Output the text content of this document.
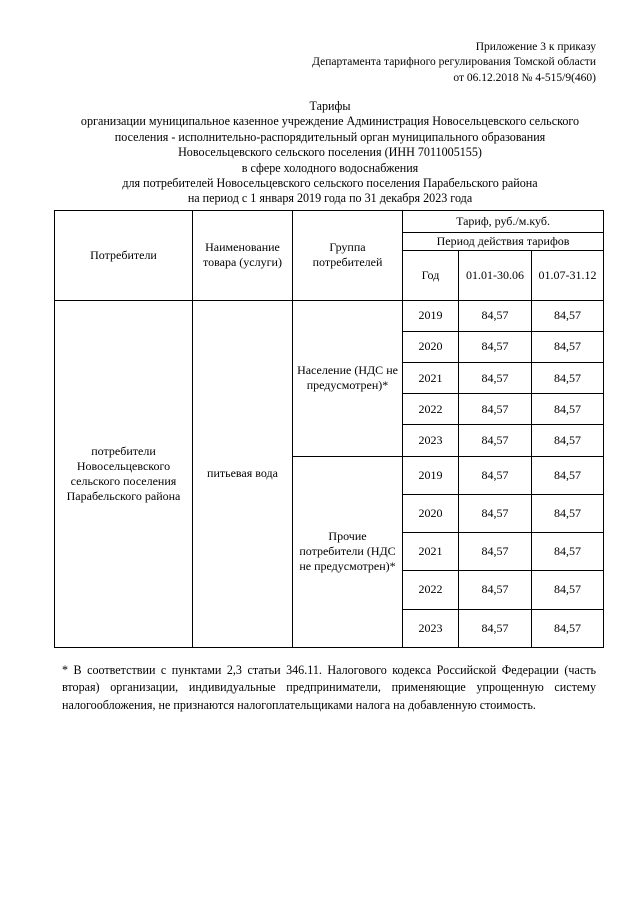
Приложение 3 к приказу
Департамента тарифного регулирования Томской области
от 06.12.2018 № 4-515/9(460)
Тарифы
организации муниципальное казенное учреждение Администрация Новосельцевского сельского
поселения - исполнительно-распорядительный орган муниципального образования
Новосельцевского сельского поселения (ИНН 7011005155)
в сфере холодного водоснабжения
для потребителей Новосельцевского сельского поселения Парабельского района
на период с 1 января 2019 года по 31 декабря 2023 года
Потребители	Наименование товара (услуги)	Группа потребителей	Тариф, руб./м.куб.		
			Период действия тарифов		
			Год	01.01-30.06	01.07-31.12
потребители Новосельцевского сельского поселения Парабельского района	питьевая вода	Население (НДС не предусмотрен)*	2019	84,57	84,57
			2020	84,57	84,57
			2021	84,57	84,57
			2022	84,57	84,57
			2023	84,57	84,57
		Прочие потребители (НДС не предусмотрен)*	2019	84,57	84,57
			2020	84,57	84,57
			2021	84,57	84,57
			2022	84,57	84,57
			2023	84,57	84,57
* В соответствии с пунктами 2,3 статьи 346.11. Налогового кодекса Российской Федерации (часть вторая) организации, индивидуальные предприниматели, применяющие упрощенную систему налогообложения, не признаются налогоплательщиками налога на добавленную стоимость.
